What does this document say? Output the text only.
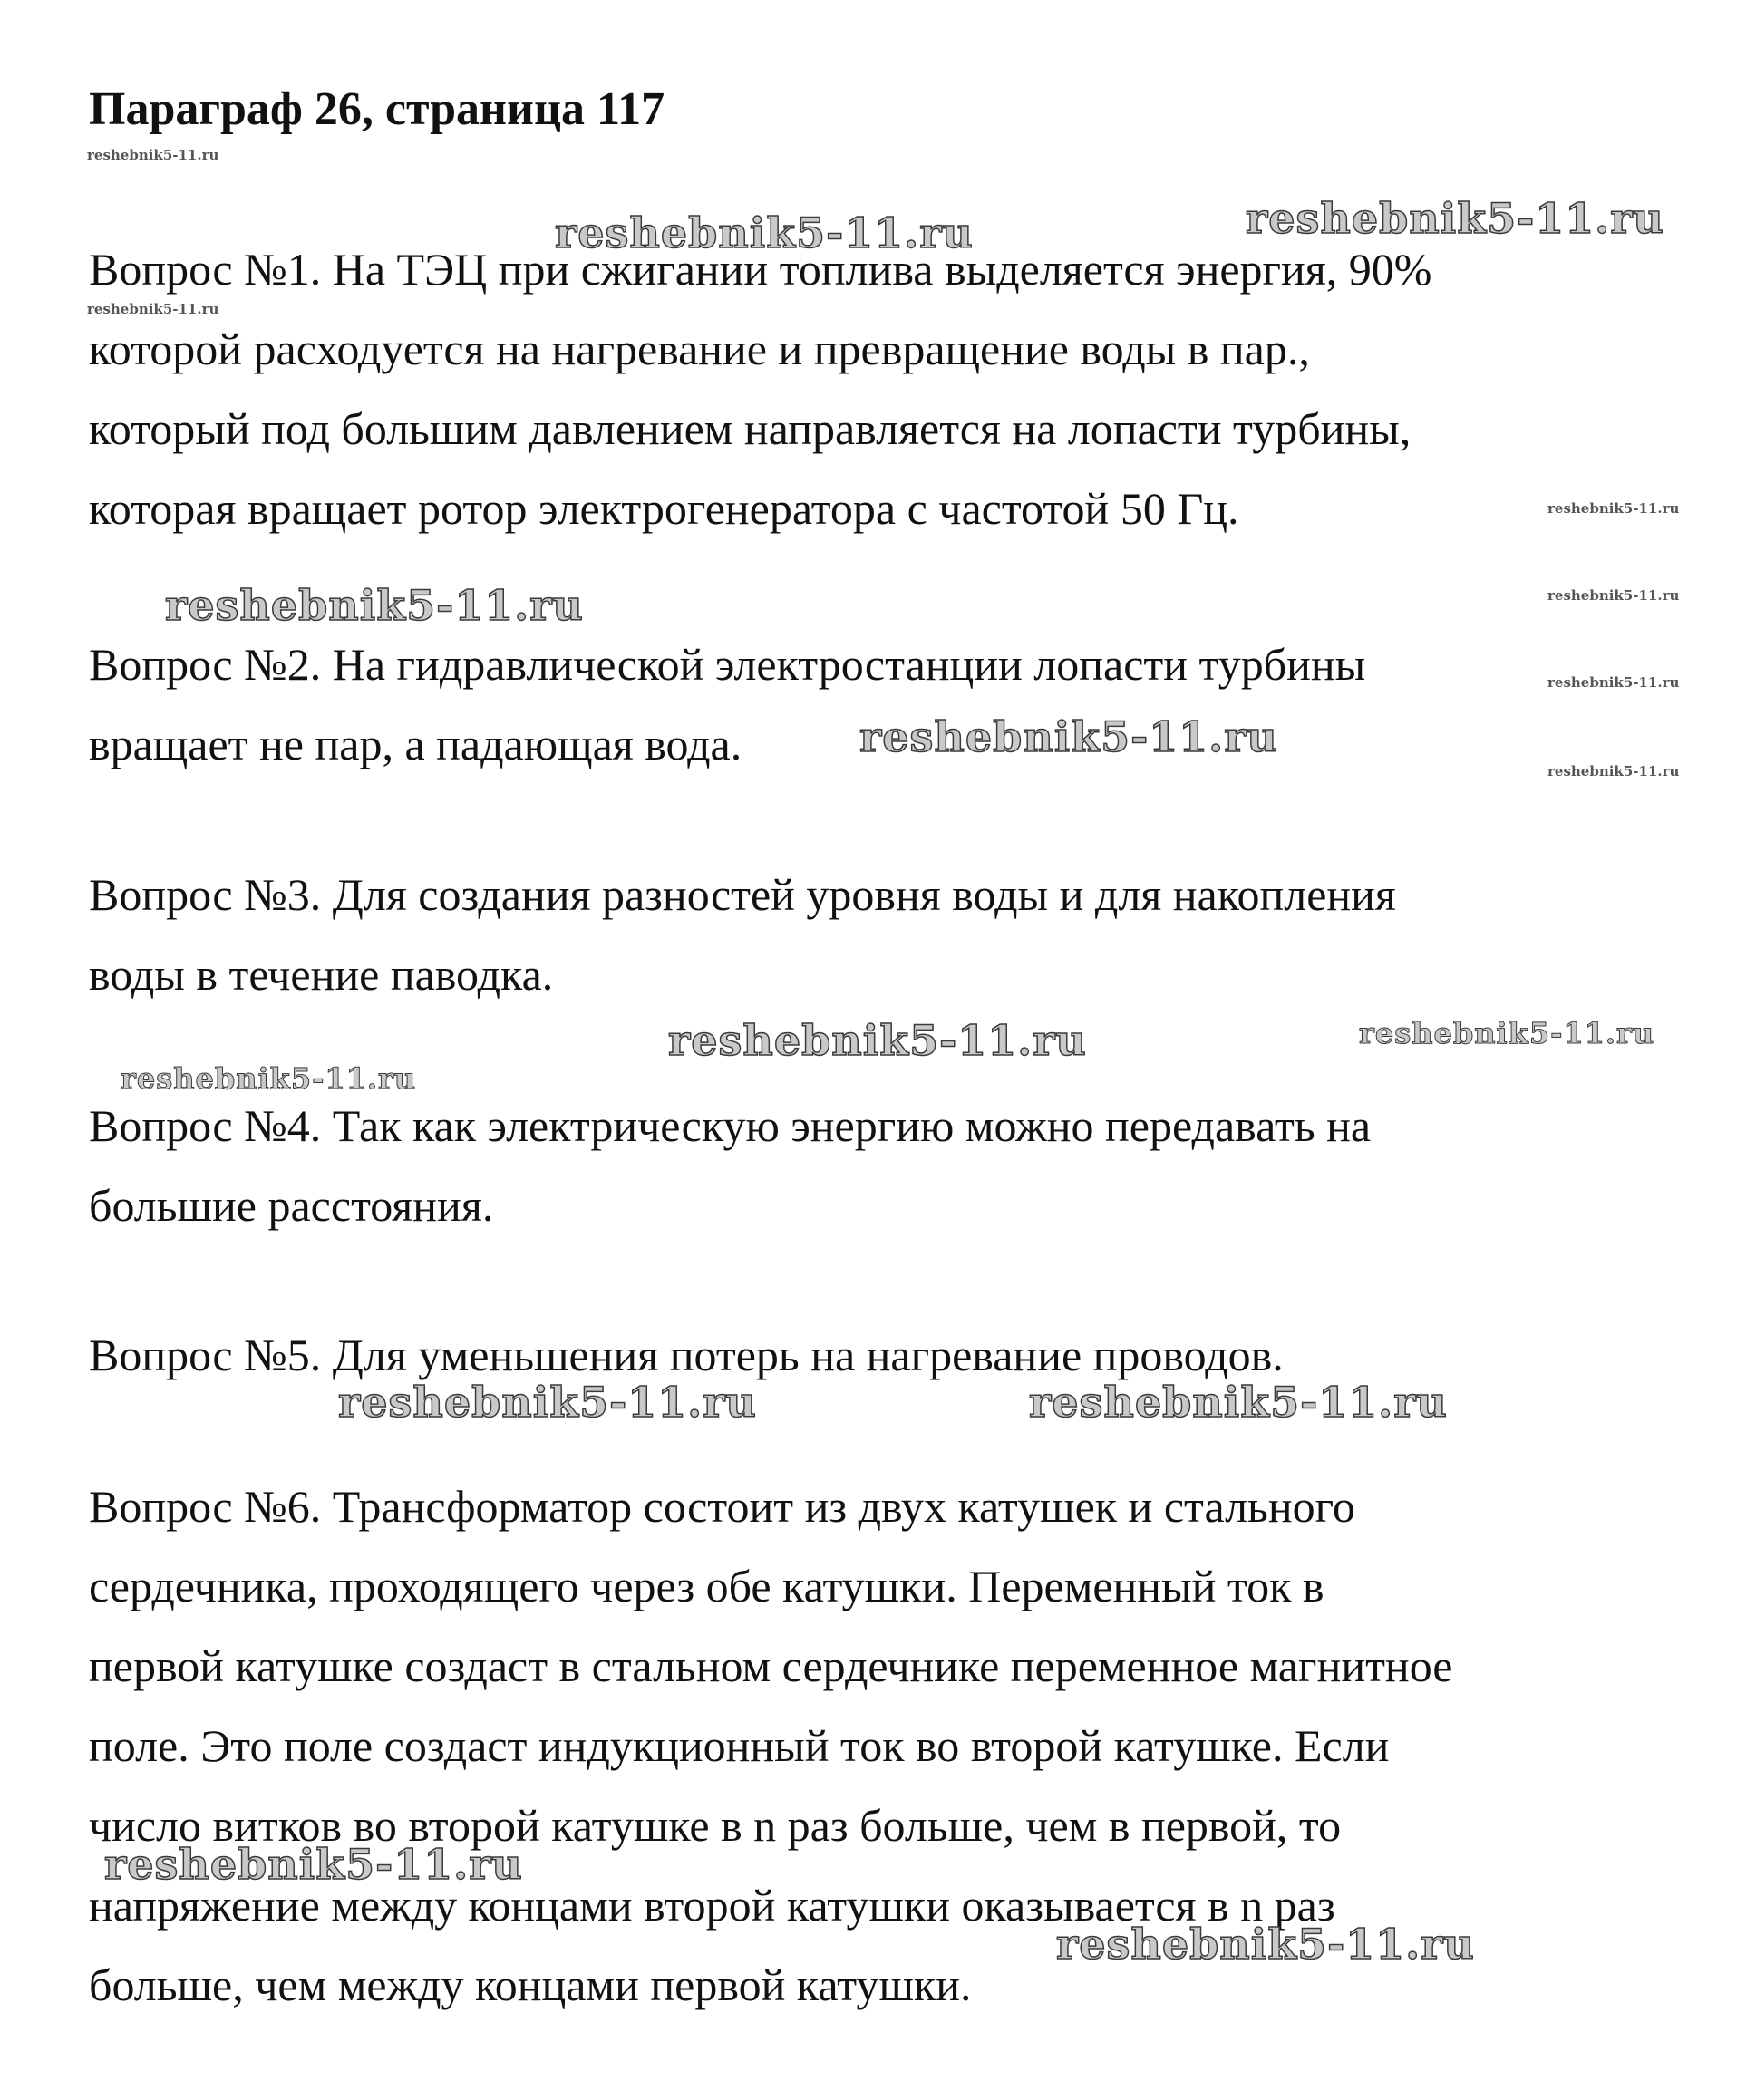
Параграф 26, страница 117

Вопрос №1. На ТЭЦ при сжигании топлива выделяется энергия, 90%
которой расходуется на нагревание и превращение воды в пар.,
который под большим давлением направляется на лопасти турбины,
которая вращает ротор электрогенератора с частотой 50 Гц.

Вопрос №2. На гидравлической электростанции лопасти турбины
вращает не пар, а падающая вода.

Вопрос №3. Для создания разностей уровня воды и для накопления
воды в течение паводка.

Вопрос №4. Так как электрическую энергию можно передавать на
большие расстояния.

Вопрос №5. Для уменьшения потерь на нагревание проводов.

Вопрос №6. Трансформатор состоит из двух катушек и стального
сердечника, проходящего через обе катушки. Переменный ток в
первой катушке создаст в стальном сердечнике переменное магнитное
поле. Это поле создаст индукционный ток во второй катушке. Если
число витков во второй катушке в n раз больше, чем в первой, то
напряжение между концами второй катушки оказывается в n раз
больше, чем между концами первой катушки.

reshebnik5-11.ru
reshebnik5-11.ru	reshebnik5-11.ru
reshebnik5-11.ru
reshebnik5-11.ru
reshebnik5-11.ru
reshebnik5-11.ru
reshebnik5-11.ru
reshebnik5-11.ru
reshebnik5-11.ru
reshebnik5-11.ru	reshebnik5-11.ru
reshebnik5-11.ru
reshebnik5-11.ru	reshebnik5-11.ru
reshebnik5-11.ru
reshebnik5-11.ru
